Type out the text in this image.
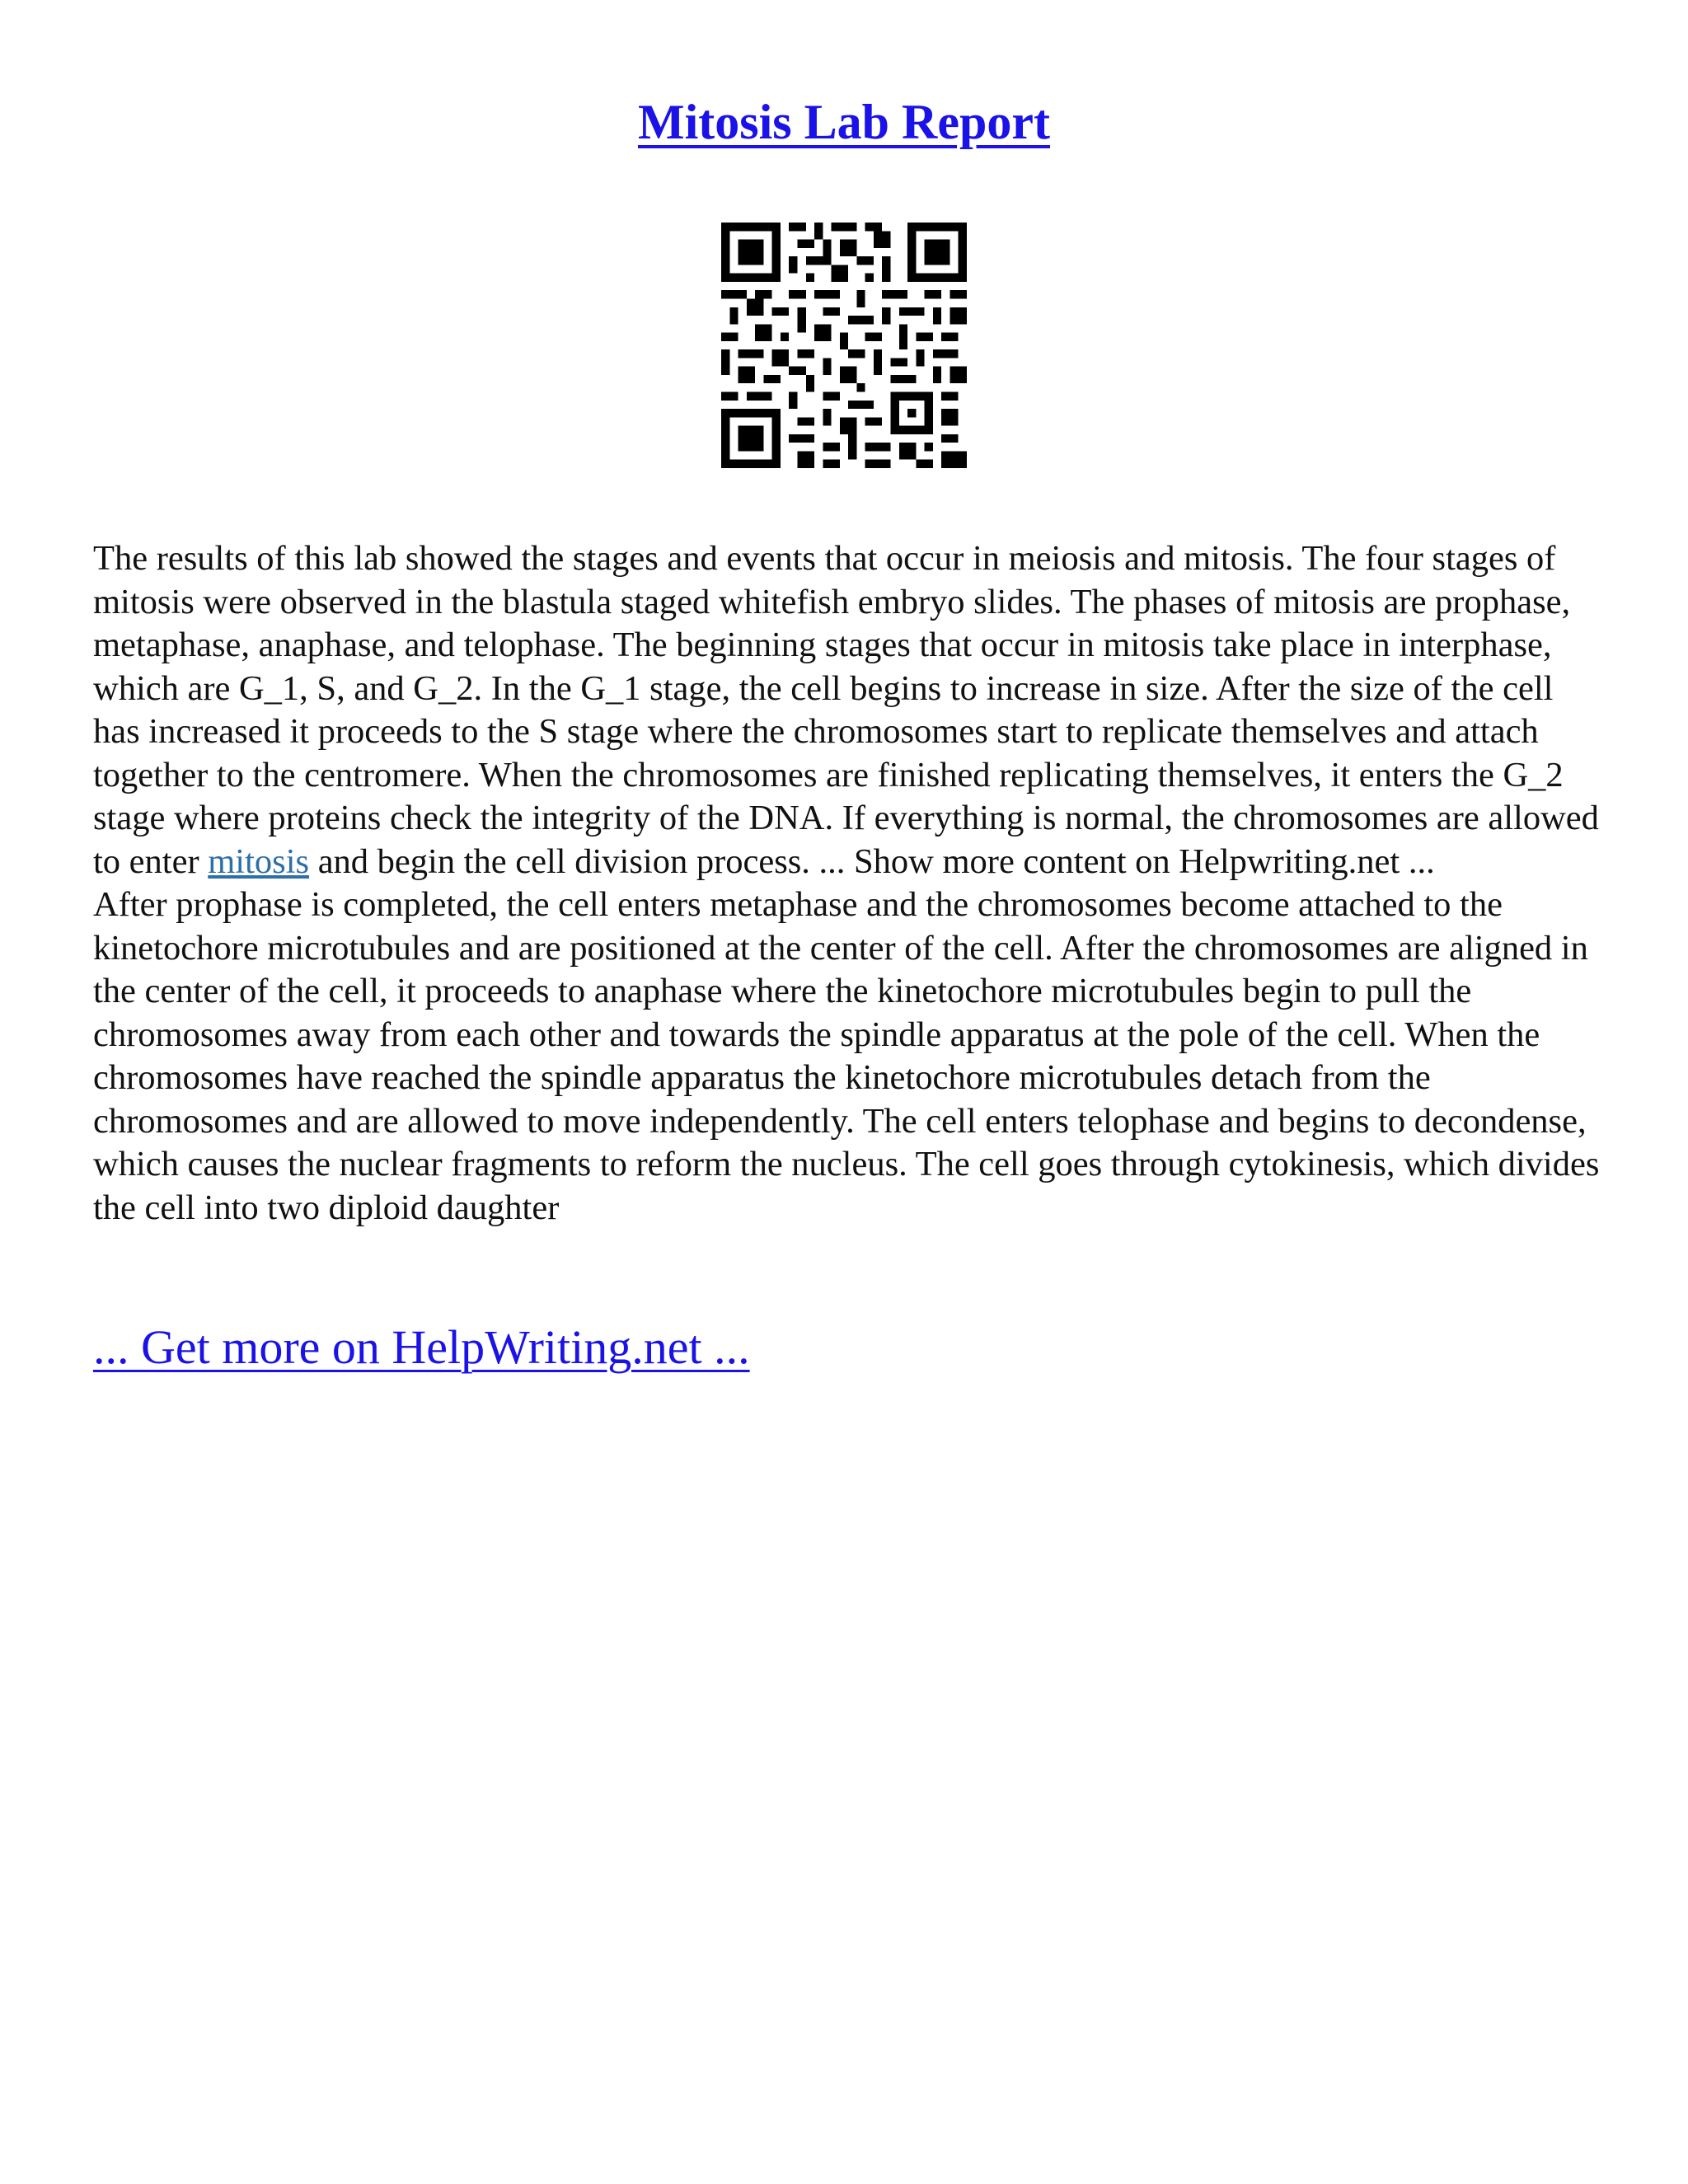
Mitosis Lab Report

The results of this lab showed the stages and events that occur in meiosis and mitosis. The four stages of mitosis were observed in the blastula staged whitefish embryo slides. The phases of mitosis are prophase, metaphase, anaphase, and telophase. The beginning stages that occur in mitosis take place in interphase, which are G_1, S, and G_2. In the G_1 stage, the cell begins to increase in size. After the size of the cell has increased it proceeds to the S stage where the chromosomes start to replicate themselves and attach together to the centromere. When the chromosomes are finished replicating themselves, it enters the G_2 stage where proteins check the integrity of the DNA. If everything is normal, the chromosomes are allowed to enter mitosis and begin the cell division process. ... Show more content on Helpwriting.net ...

After prophase is completed, the cell enters metaphase and the chromosomes become attached to the kinetochore microtubules and are positioned at the center of the cell. After the chromosomes are aligned in the center of the cell, it proceeds to anaphase where the kinetochore microtubules begin to pull the chromosomes away from each other and towards the spindle apparatus at the pole of the cell. When the chromosomes have reached the spindle apparatus the kinetochore microtubules detach from the chromosomes and are allowed to move independently. The cell enters telophase and begins to decondense, which causes the nuclear fragments to reform the nucleus. The cell goes through cytokinesis, which divides the cell into two diploid daughter

... Get more on HelpWriting.net ...
